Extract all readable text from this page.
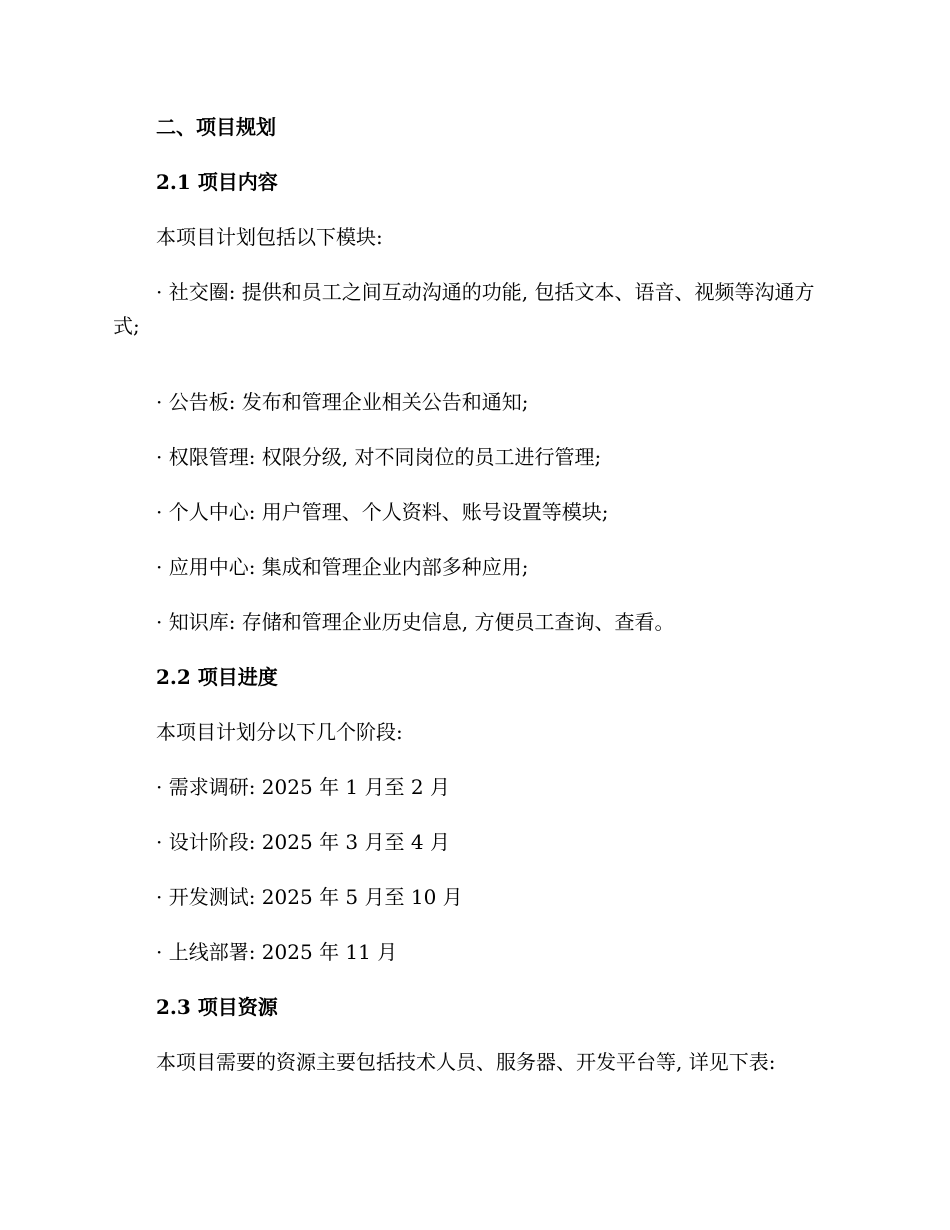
二、项目规划
2.1 项目内容
本项目计划包括以下模块:
· 社交圈: 提供和员工之间互动沟通的功能, 包括文本、语音、视频等沟通方式;
· 公告板: 发布和管理企业相关公告和通知;
· 权限管理: 权限分级, 对不同岗位的员工进行管理;
· 个人中心: 用户管理、个人资料、账号设置等模块;
· 应用中心: 集成和管理企业内部多种应用;
· 知识库: 存储和管理企业历史信息, 方便员工查询、查看。
2.2 项目进度
本项目计划分以下几个阶段:
· 需求调研: 2025 年 1 月至 2 月
· 设计阶段: 2025 年 3 月至 4 月
· 开发测试: 2025 年 5 月至 10 月
· 上线部署: 2025 年 11 月
2.3 项目资源
本项目需要的资源主要包括技术人员、服务器、开发平台等, 详见下表:
